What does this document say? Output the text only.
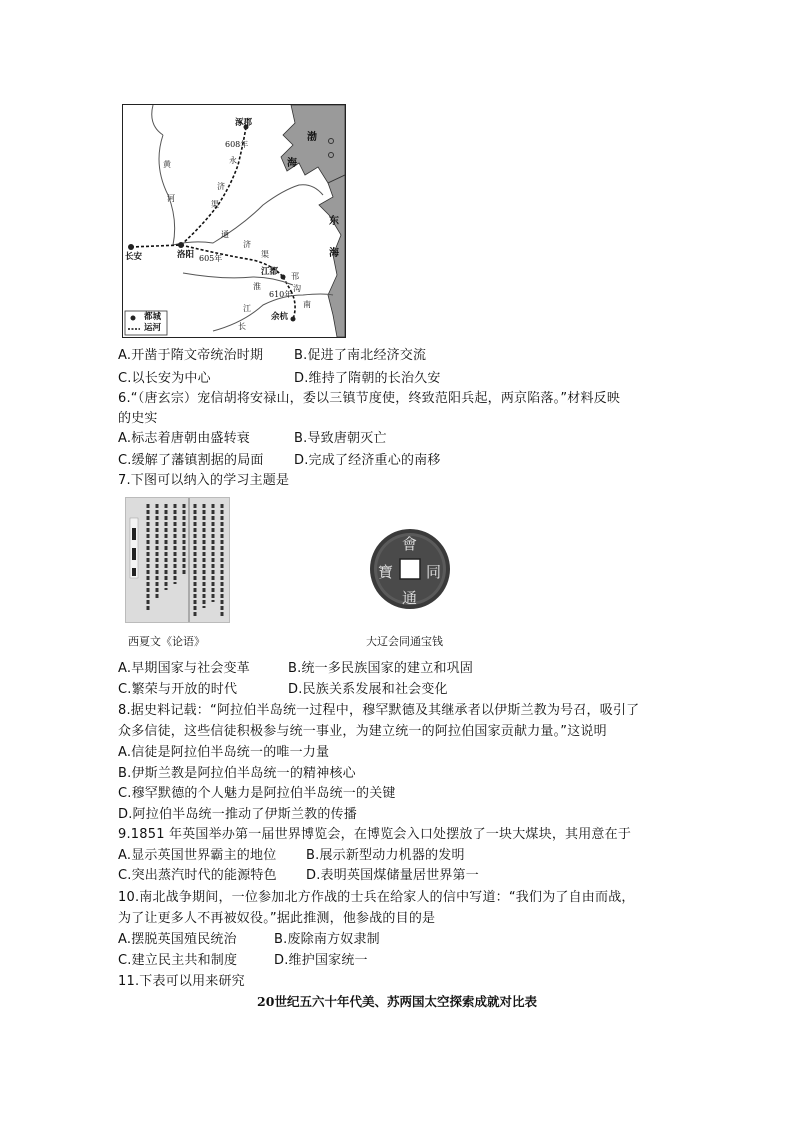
涿郡
608年
永
济
渠
黄
河
长安	洛阳
通
济
渠
605年
江都 邗
沟
610年
南
余杭
淮
江
长
渤
海
东
海
都城
运河
A.开凿于隋文帝统治时期 B.促进了南北经济交流
C.以长安为中心	D.维持了隋朝的长治久安
6.“（唐玄宗）宠信胡将安禄山，委以三镇节度使，终致范阳兵起，两京陷落。”材料反映
的史实
A.标志着唐朝由盛转衰	B.导致唐朝灭亡
C.缓解了藩镇割据的局面 D.完成了经济重心的南移
7.下图可以纳入的学习主题是
西夏文《论语》
會
同
通
寶
大辽会同通宝钱
A.早期国家与社会变革	B.统一多民族国家的建立和巩固
C.繁荣与开放的时代	D.民族关系发展和社会变化
8.据史料记载：“阿拉伯半岛统一过程中，穆罕默德及其继承者以伊斯兰教为号召，吸引了
众多信徒，这些信徒积极参与统一事业，为建立统一的阿拉伯国家贡献力量。”这说明
A.信徒是阿拉伯半岛统一的唯一力量
B.伊斯兰教是阿拉伯半岛统一的精神核心
C.穆罕默德的个人魅力是阿拉伯半岛统一的关键
D.阿拉伯半岛统一推动了伊斯兰教的传播
9.1851 年英国举办第一届世界博览会，在博览会入口处摆放了一块大煤块，其用意在于
A.显示英国世界霸主的地位 B.展示新型动力机器的发明
C.突出蒸汽时代的能源特色 D.表明英国煤储量居世界第一
10.南北战争期间，一位参加北方作战的士兵在给家人的信中写道：“我们为了自由而战，
为了让更多人不再被奴役。”据此推测，他参战的目的是
A.摆脱英国殖民统治	B.废除南方奴隶制
C.建立民主共和制度	D.维护国家统一
11.下表可以用来研究
20世纪五六十年代美、苏两国太空探索成就对比表
